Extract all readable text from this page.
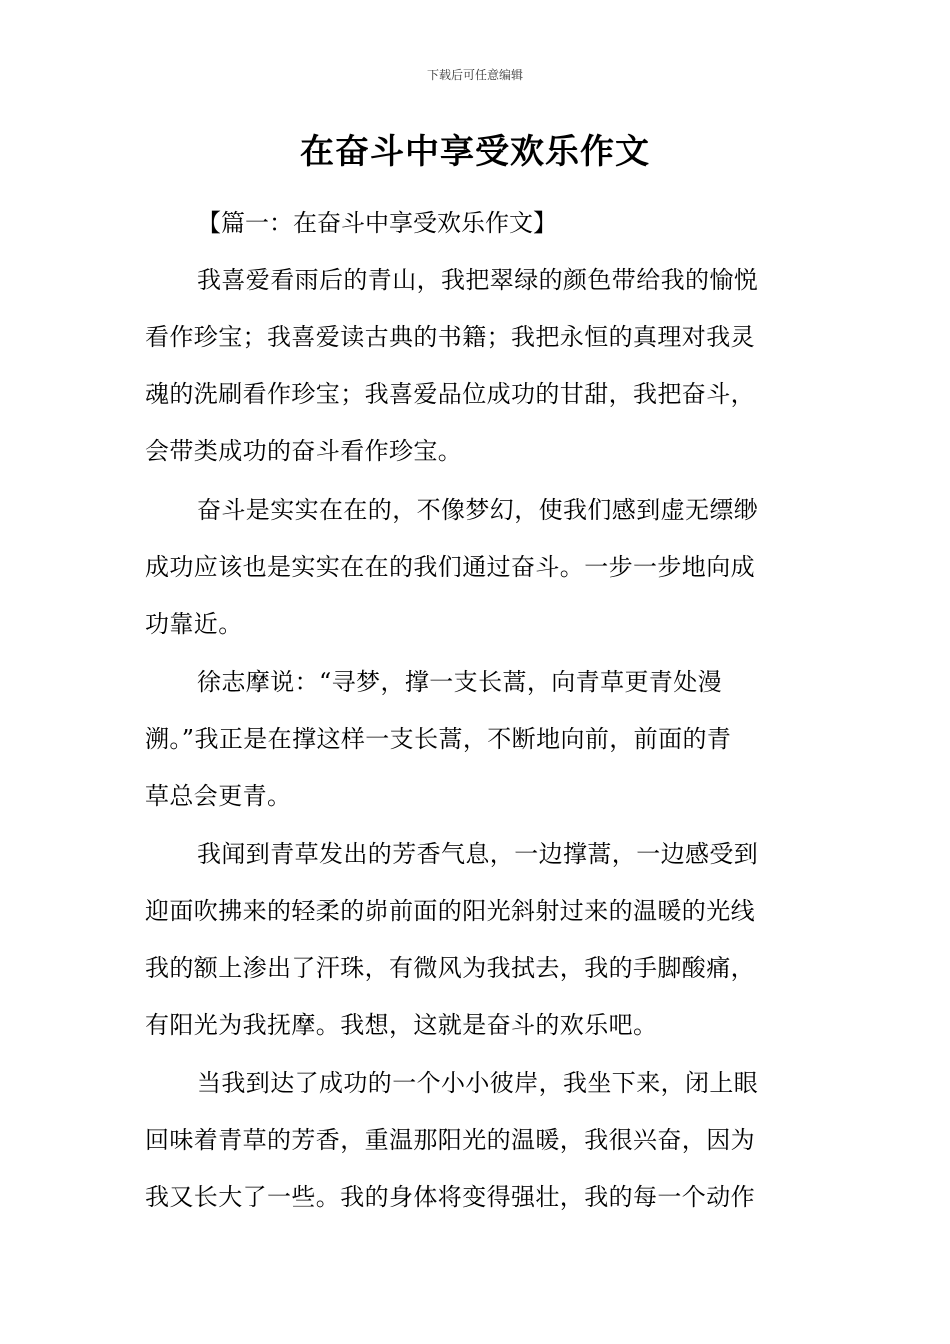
下载后可任意编辑
在奋斗中享受欢乐作文
【篇一：在奋斗中享受欢乐作文】
我喜爱看雨后的青山，我把翠绿的颜色带给我的愉悦
看作珍宝；我喜爱读古典的书籍；我把永恒的真理对我灵
魂的洗刷看作珍宝；我喜爱品位成功的甘甜，我把奋斗，
会带类成功的奋斗看作珍宝。
奋斗是实实在在的，不像梦幻，使我们感到虚无缥缈
成功应该也是实实在在的我们通过奋斗。一步一步地向成
功靠近。
徐志摩说：“寻梦，撑一支长蒿，向青草更青处漫
溯。”我正是在撑这样一支长蒿，不断地向前，前面的青
草总会更青。
我闻到青草发出的芳香气息，一边撑蒿，一边感受到
迎面吹拂来的轻柔的峁前面的阳光斜射过来的温暖的光线
我的额上渗出了汗珠，有微风为我拭去，我的手脚酸痛，
有阳光为我抚摩。我想，这就是奋斗的欢乐吧。
当我到达了成功的一个小小彼岸，我坐下来，闭上眼
回味着青草的芳香，重温那阳光的温暖，我很兴奋，因为
我又长大了一些。我的身体将变得强壮，我的每一个动作
